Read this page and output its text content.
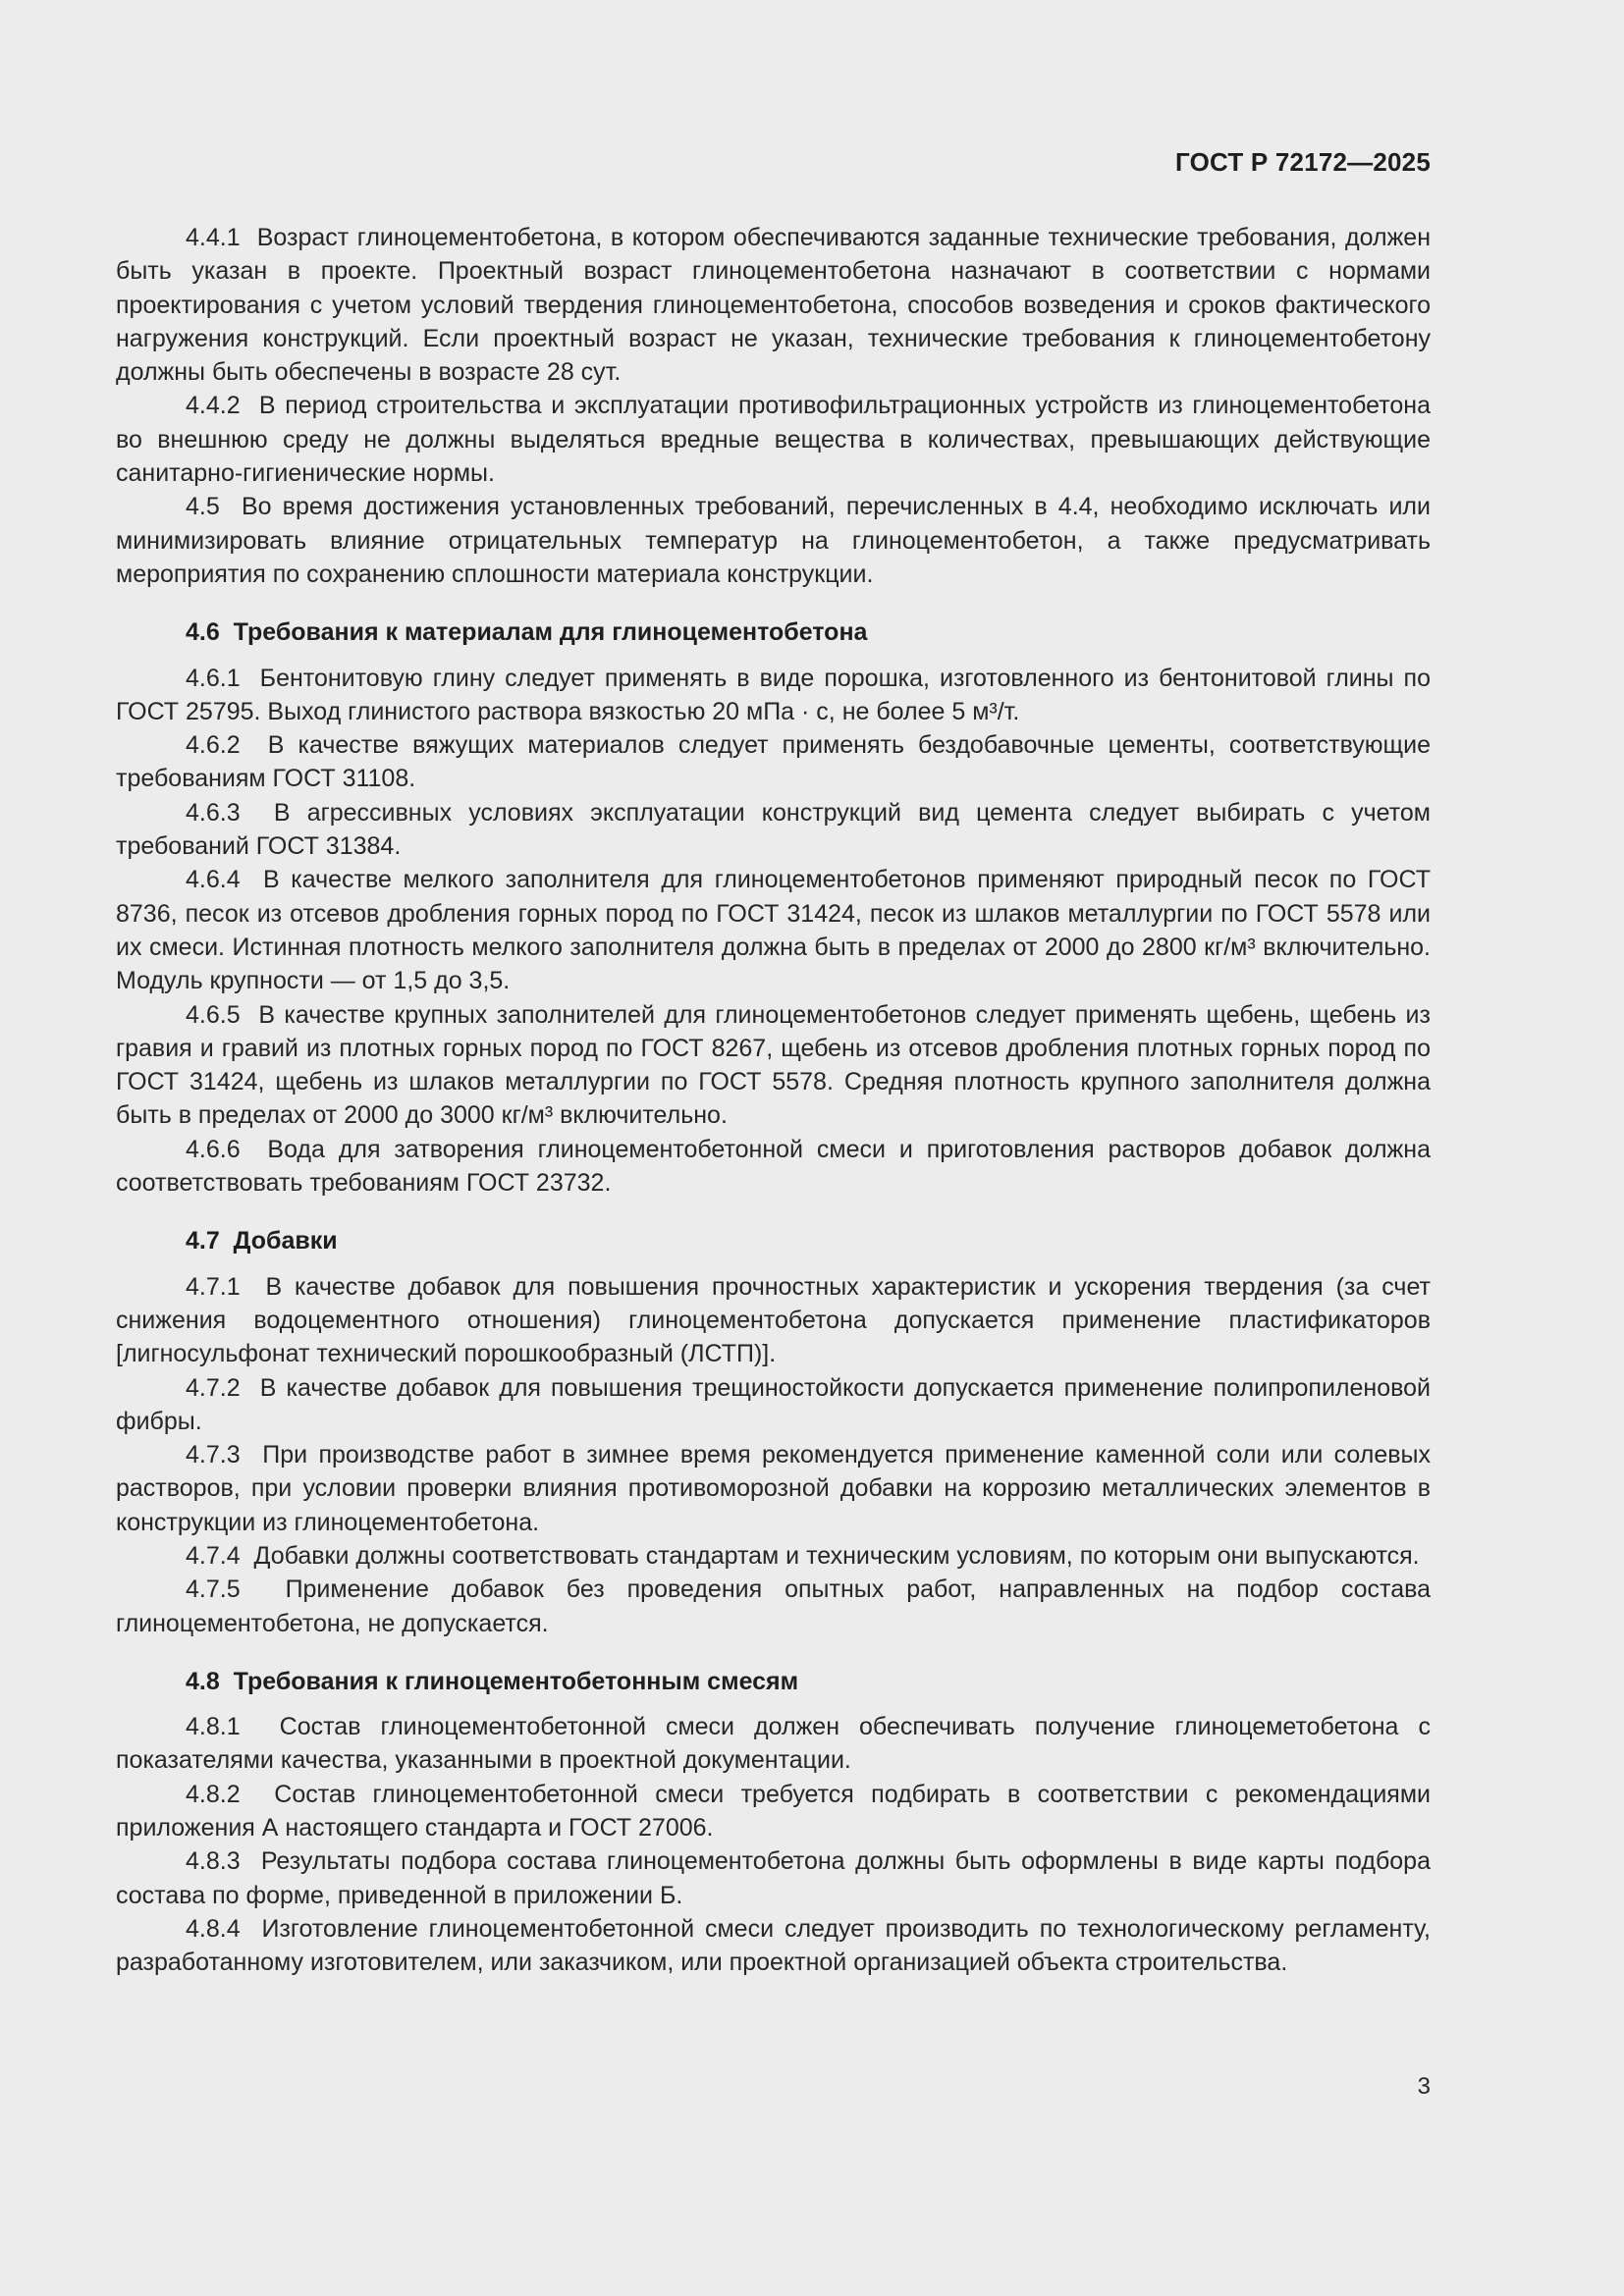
ГОСТ Р 72172—2025

4.4.1 Возраст глиноцементобетона, в котором обеспечиваются заданные технические требования, должен быть указан в проекте. Проектный возраст глиноцементобетона назначают в соответствии с нормами проектирования с учетом условий твердения глиноцементобетона, способов возведения и сроков фактического нагружения конструкций. Если проектный возраст не указан, технические требования к глиноцементобетону должны быть обеспечены в возрасте 28 сут.

4.4.2 В период строительства и эксплуатации противофильтрационных устройств из глиноцементобетона во внешнюю среду не должны выделяться вредные вещества в количествах, превышающих действующие санитарно-гигиенические нормы.

4.5 Во время достижения установленных требований, перечисленных в 4.4, необходимо исключать или минимизировать влияние отрицательных температур на глиноцементобетон, а также предусматривать мероприятия по сохранению сплошности материала конструкции.

4.6 Требования к материалам для глиноцементобетона

4.6.1 Бентонитовую глину следует применять в виде порошка, изготовленного из бентонитовой глины по ГОСТ 25795. Выход глинистого раствора вязкостью 20 мПа · с, не более 5 м³/т.

4.6.2 В качестве вяжущих материалов следует применять бездобавочные цементы, соответствующие требованиям ГОСТ 31108.

4.6.3 В агрессивных условиях эксплуатации конструкций вид цемента следует выбирать с учетом требований ГОСТ 31384.

4.6.4 В качестве мелкого заполнителя для глиноцементобетонов применяют природный песок по ГОСТ 8736, песок из отсевов дробления горных пород по ГОСТ 31424, песок из шлаков металлургии по ГОСТ 5578 или их смеси. Истинная плотность мелкого заполнителя должна быть в пределах от 2000 до 2800 кг/м³ включительно. Модуль крупности — от 1,5 до 3,5.

4.6.5 В качестве крупных заполнителей для глиноцементобетонов следует применять щебень, щебень из гравия и гравий из плотных горных пород по ГОСТ 8267, щебень из отсевов дробления плотных горных пород по ГОСТ 31424, щебень из шлаков металлургии по ГОСТ 5578. Средняя плотность крупного заполнителя должна быть в пределах от 2000 до 3000 кг/м³ включительно.

4.6.6 Вода для затворения глиноцементобетонной смеси и приготовления растворов добавок должна соответствовать требованиям ГОСТ 23732.

4.7 Добавки

4.7.1 В качестве добавок для повышения прочностных характеристик и ускорения твердения (за счет снижения водоцементного отношения) глиноцементобетона допускается применение пластификаторов [лигносульфонат технический порошкообразный (ЛСТП)].

4.7.2 В качестве добавок для повышения трещиностойкости допускается применение полипропиленовой фибры.

4.7.3 При производстве работ в зимнее время рекомендуется применение каменной соли или солевых растворов, при условии проверки влияния противоморозной добавки на коррозию металлических элементов в конструкции из глиноцементобетона.

4.7.4 Добавки должны соответствовать стандартам и техническим условиям, по которым они выпускаются.

4.7.5 Применение добавок без проведения опытных работ, направленных на подбор состава глиноцементобетона, не допускается.

4.8 Требования к глиноцементобетонным смесям

4.8.1 Состав глиноцементобетонной смеси должен обеспечивать получение глиноцеметобетона с показателями качества, указанными в проектной документации.

4.8.2 Состав глиноцементобетонной смеси требуется подбирать в соответствии с рекомендациями приложения А настоящего стандарта и ГОСТ 27006.

4.8.3 Результаты подбора состава глиноцементобетона должны быть оформлены в виде карты подбора состава по форме, приведенной в приложении Б.

4.8.4 Изготовление глиноцементобетонной смеси следует производить по технологическому регламенту, разработанному изготовителем, или заказчиком, или проектной организацией объекта строительства.

3
